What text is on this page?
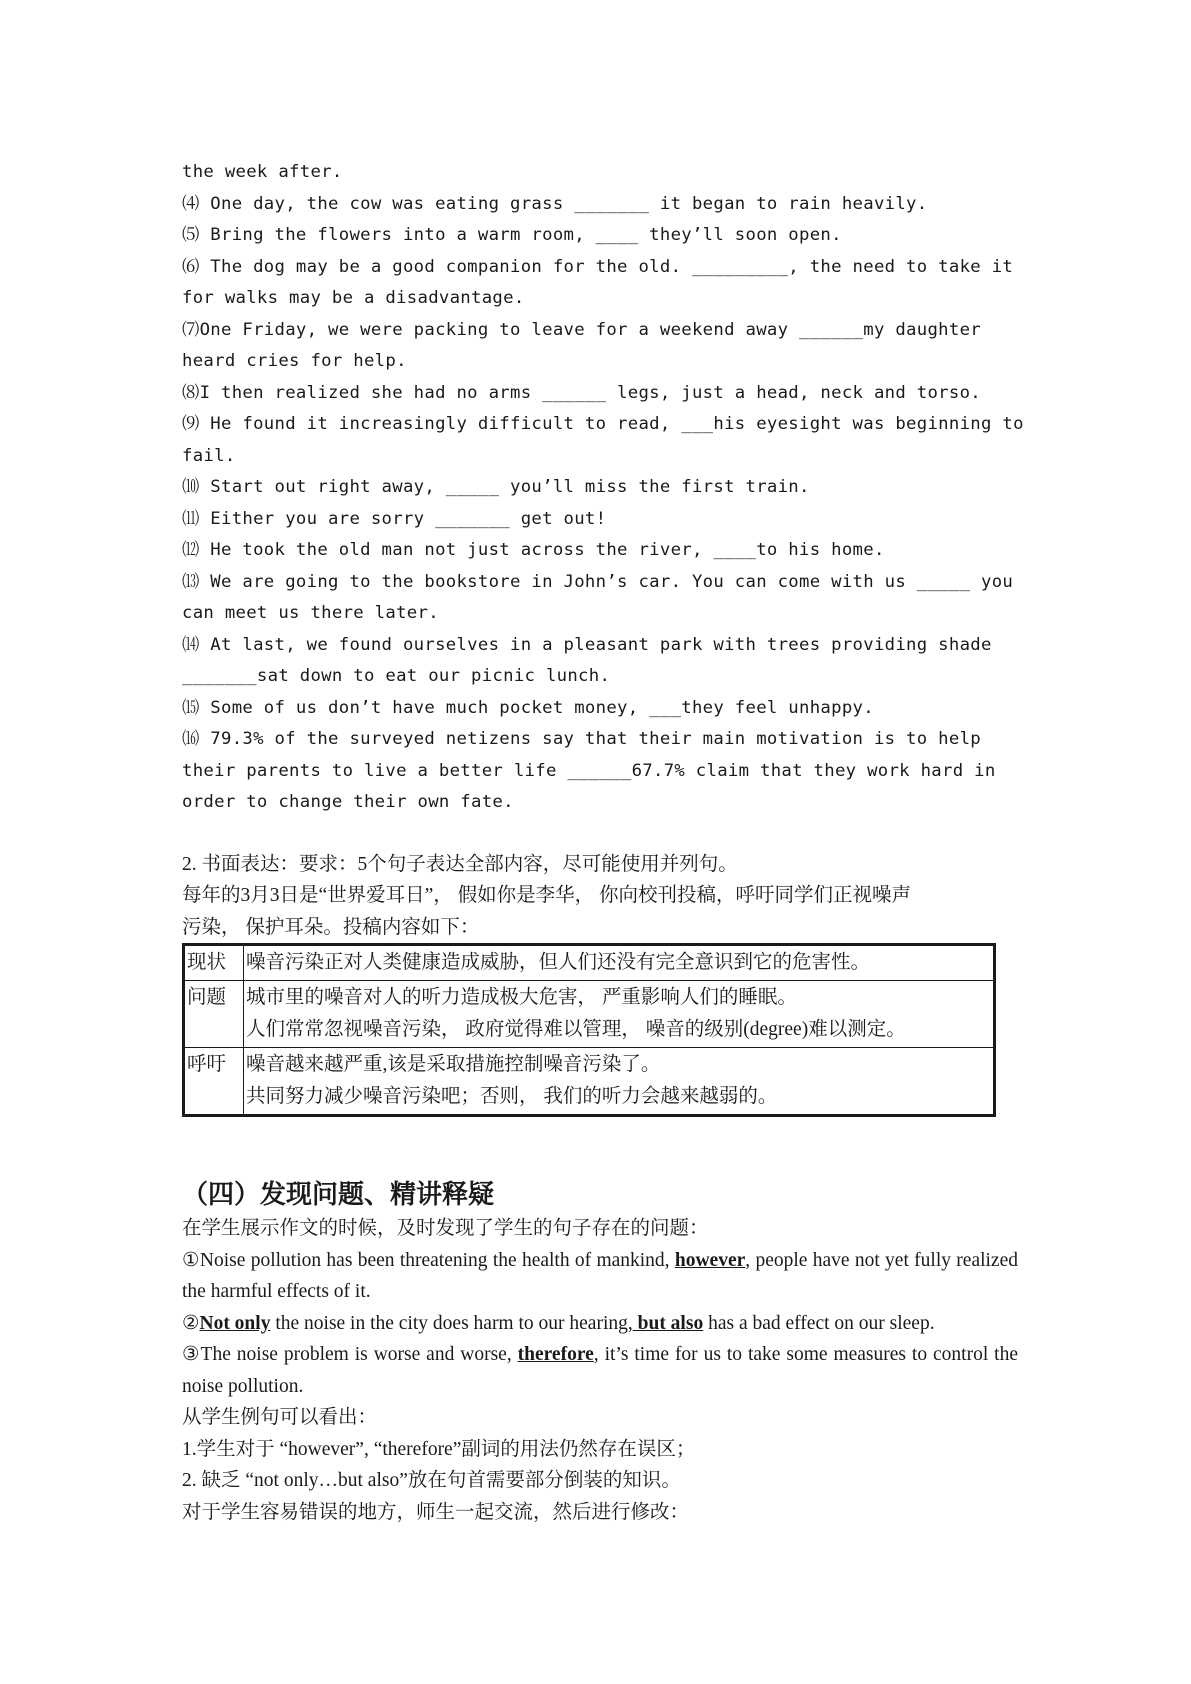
the week after.
⑷ One day, the cow was eating grass _______ it began to rain heavily.
⑸ Bring the flowers into a warm room, ____ they’ll soon open.
⑹ The dog may be a good companion for the old. _________, the need to take it
for walks may be a disadvantage.
⑺One Friday, we were packing to leave for a weekend away ______my daughter
heard cries for help.
⑻I then realized she had no arms ______ legs, just a head, neck and torso.
⑼ He found it increasingly difficult to read, ___his eyesight was beginning to
fail.
⑽ Start out right away, _____ you’ll miss the first train.
⑾ Either you are sorry _______ get out!
⑿ He took the old man not just across the river, ____to his home.
⒀ We are going to the bookstore in John’s car. You can come with us _____ you
can meet us there later.
⒁ At last, we found ourselves in a pleasant park with trees providing shade
_______sat down to eat our picnic lunch.
⒂ Some of us don’t have much pocket money, ___they feel unhappy.
⒃ 79.3% of the surveyed netizens say that their main motivation is to help
their parents to live a better life ______67.7% claim that they work hard in
order to change their own fate.

2. 书面表达：要求：5个句子表达全部内容，尽可能使用并列句。

每年的3月3日是“世界爱耳日”， 假如你是李华， 你向校刊投稿，呼吁同学们正视噪声

污染， 保护耳朵。投稿内容如下：

现状	噪音污染正对人类健康造成威胁，但人们还没有完全意识到它的危害性。

问题	城市里的噪音对人的听力造成极大危害， 严重影响人们的睡眠。
人们常常忽视噪音污染， 政府觉得难以管理， 噪音的级别(degree)难以测定。

呼吁	噪音越来越严重,该是采取措施控制噪音污染了。
共同努力减少噪音污染吧；否则， 我们的听力会越来越弱的。
（四）发现问题、精讲释疑

在学生展示作文的时候，及时发现了学生的句子存在的问题：

①Noise pollution has been threatening the health of mankind, however, people have not yet fully realized the harmful effects of it.

②Not only the noise in the city does harm to our hearing, but also has a bad effect on our sleep.

③The noise problem is worse and worse, therefore, it’s time for us to take some measures to control the noise pollution.

从学生例句可以看出：

1.学生对于 “however”, “therefore”副词的用法仍然存在误区；

2. 缺乏 “not only…but also”放在句首需要部分倒装的知识。

对于学生容易错误的地方，师生一起交流，然后进行修改：
